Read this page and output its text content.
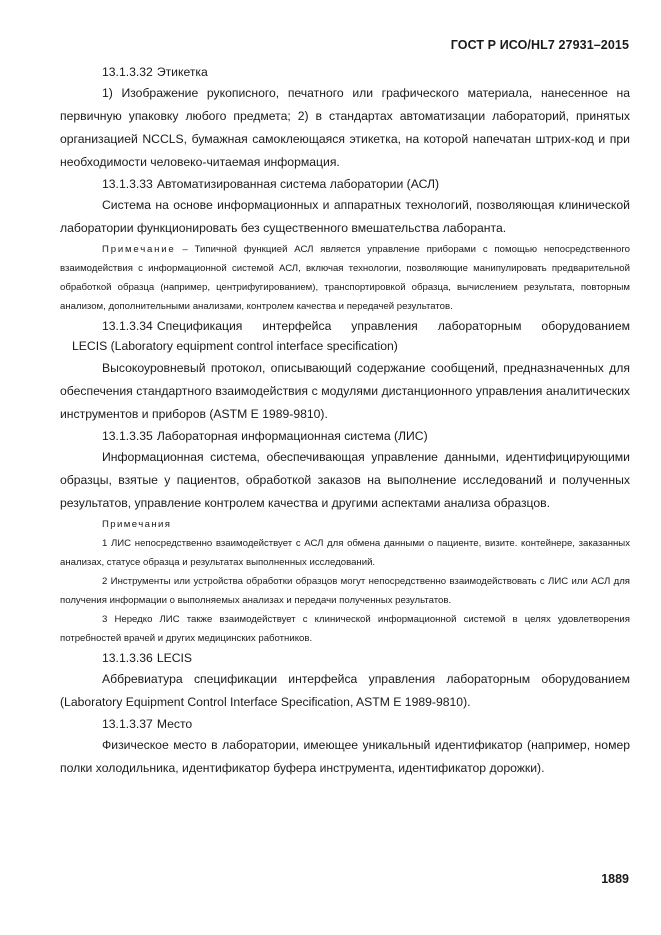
ГОСТ Р ИСО/HL7 27931–2015

13.1.3.32 Этикетка

1) Изображение рукописного, печатного или графического материала, нанесенное на первичную упаковку любого предмета; 2) в стандартах автоматизации лабораторий, принятых организацией NCCLS, бумажная самоклеющаяся этикетка, на которой напечатан штрих-код и при необходимости человеко-читаемая информация.

13.1.3.33 Автоматизированная система лаборатории (АСЛ)

Система на основе информационных и аппаратных технологий, позволяющая клинической лаборатории функционировать без существенного вмешательства лаборанта.

Примечание – Типичной функцией АСЛ является управление приборами с помощью непосредственного взаимодействия с информационной системой АСЛ, включая технологии, позволяющие манипулировать предварительной обработкой образца (например, центрифугированием), транспортировкой образца, вычислением результата, повторным анализом, дополнительными анализами, контролем качества и передачей результатов.

13.1.3.34 Спецификация интерфейса управления лабораторным оборудованием

LECIS (Laboratory equipment control interface specification)

Высокоуровневый протокол, описывающий содержание сообщений, предназначенных для обеспечения стандартного взаимодействия с модулями дистанционного управления аналитических инструментов и приборов (ASTM E 1989-9810).

13.1.3.35 Лабораторная информационная система (ЛИС)

Информационная система, обеспечивающая управление данными, идентифицирующими образцы, взятые у пациентов, обработкой заказов на выполнение исследований и полученных результатов, управление контролем качества и другими аспектами анализа образцов.

Примечания

1 ЛИС непосредственно взаимодействует с АСЛ для обмена данными о пациенте, визите. контейнере, заказанных анализах, статусе образца и результатах выполненных исследований.

2 Инструменты или устройства обработки образцов могут непосредственно взаимодействовать с ЛИС или АСЛ для получения информации о выполняемых анализах и передачи полученных результатов.

3 Нередко ЛИС также взаимодействует с клинической информационной системой в целях удовлетворения потребностей врачей и других медицинских работников.

13.1.3.36 LECIS

Аббревиатура спецификации интерфейса управления лабораторным оборудованием (Laboratory Equipment Control Interface Specification, ASTM E 1989-9810).

13.1.3.37 Место

Физическое место в лаборатории, имеющее уникальный идентификатор (например, номер полки холодильника, идентификатор буфера инструмента, идентификатор дорожки).

1889
